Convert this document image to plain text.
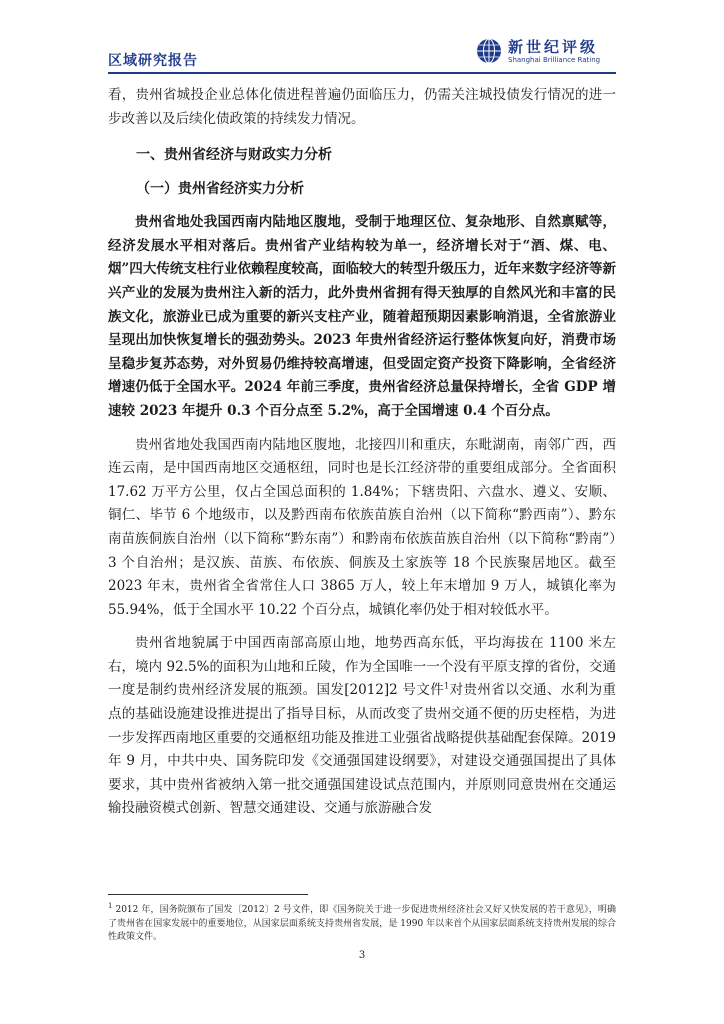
区域研究报告
新世纪评级
Shanghai Brilliance Rating

看，贵州省城投企业总体化债进程普遍仍面临压力，仍需关注城投债发行情况的进一步改善以及后续化债政策的持续发力情况。

一、贵州省经济与财政实力分析
（一）贵州省经济实力分析

贵州省地处我国西南内陆地区腹地，受制于地理区位、复杂地形、自然禀赋等，经济发展水平相对落后。贵州省产业结构较为单一，经济增长对于“酒、煤、电、烟”四大传统支柱行业依赖程度较高，面临较大的转型升级压力，近年来数字经济等新兴产业的发展为贵州注入新的活力，此外贵州省拥有得天独厚的自然风光和丰富的民族文化，旅游业已成为重要的新兴支柱产业，随着超预期因素影响消退，全省旅游业呈现出加快恢复增长的强劲势头。2023 年贵州省经济运行整体恢复向好，消费市场呈稳步复苏态势，对外贸易仍维持较高增速，但受固定资产投资下降影响，全省经济增速仍低于全国水平。2024 年前三季度，贵州省经济总量保持增长，全省 GDP 增速较 2023 年提升 0.3 个百分点至 5.2%，高于全国增速 0.4 个百分点。

贵州省地处我国西南内陆地区腹地，北接四川和重庆，东毗湖南，南邻广西，西连云南，是中国西南地区交通枢纽，同时也是长江经济带的重要组成部分。全省面积 17.62 万平方公里，仅占全国总面积的 1.84%；下辖贵阳、六盘水、遵义、安顺、铜仁、毕节 6 个地级市，以及黔西南布依族苗族自治州（以下简称“黔西南”）、黔东南苗族侗族自治州（以下简称“黔东南”）和黔南布依族苗族自治州（以下简称“黔南”）3 个自治州；是汉族、苗族、布依族、侗族及土家族等 18 个民族聚居地区。截至 2023 年末，贵州省全省常住人口 3865 万人，较上年末增加 9 万人，城镇化率为 55.94%，低于全国水平 10.22 个百分点，城镇化率仍处于相对较低水平。

贵州省地貌属于中国西南部高原山地，地势西高东低，平均海拔在 1100 米左右，境内 92.5%的面积为山地和丘陵，作为全国唯一一个没有平原支撑的省份，交通一度是制约贵州经济发展的瓶颈。国发[2012]2 号文件$^1$对贵州省以交通、水利为重点的基础设施建设推进提出了指导目标，从而改变了贵州交通不便的历史桎梏，为进一步发挥西南地区重要的交通枢纽功能及推进工业强省战略提供基础配套保障。2019 年 9 月，中共中央、国务院印发《交通强国建设纲要》，对建设交通强国提出了具体要求，其中贵州省被纳入第一批交通强国建设试点范围内，并原则同意贵州在交通运输投融资模式创新、智慧交通建设、交通与旅游融合发

$^1$ 2012 年，国务院颁布了国发〔2012〕2 号文件，即《国务院关于进一步促进贵州经济社会又好又快发展的若干意见》，明确了贵州省在国家发展中的重要地位，从国家层面系统支持贵州省发展，是 1990 年以来首个从国家层面系统支持贵州发展的综合性政策文件。
3
